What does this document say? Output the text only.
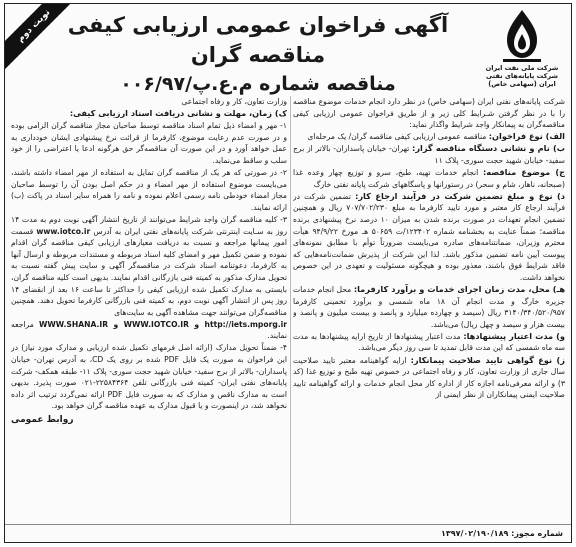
نوبت دوم آگهی فراخوان عمومی ارزیابی کیفی مناقصه گران
مناقصه شماره م.ع.پ/۰۰۶/۹۷
شرکت ملی نفت ایران
شرکت پایانه‌های نفتی ایران (سهامی خاص)

شرکت پایانه‌های نفتی ایران (سهامی خاص) در نظر دارد انجام خدمات موضوع مناقصه را با در نظر گرفتن شـرایط کلی زیر و از طریق فراخوان عمومی ارزیابی کیفی مناقصه‌گران به پیمانکار واجد شرایط واگذار نماید:

الف) نوع فراخوان: مناقصه عمومی ارزیابی کیفی مناقصه گران/ یک مرحله‌ای

ب) نام و نشانی دستگاه مناقصه گزار: تهران- خیابان پاسداران- بالاتر از برج سفید- خیابان شهید حجت سوری- پلاک ۱۱

ج) موضوع مناقصه: انجام خدمات تهیه، طبخ، سرو و توزیع چهار وعده غذا (صبحانه، ناهار، شام و سحر) در رستورانها و پاسگاههای شرکت پایانه نفتی خارگ

د) نوع و مبلغ تضمین شرکت در فرآیند ارجاع کار: تضمین شرکت در فرآیند ارجاع کار معتبر و مورد تایید کارفرما به مبلغ ۷۰۷/۷۰۲/۲۳۰ ریال و همچنین تضمین انجام تعهدات در صورت برنده شدن به میزان ۱۰ درصد نرخ پیشنهادی برنده مناقصه؛ ضمناً عنایت به بخشنامه شماره ۱۲۳۴۰۲/ت ۵۰۶۵۹ هـ مورخ ۹۴/۹/۲۲ هیأت محترم وزیران، ضمانتنامه‌های صادره می‌بایست ضرورتاً توأم با مطابق نمونه‌های پیوست آیین نامه تضمین مذکور باشد. لذا این شرکت از پذیرش ضمانت‌نامه‌هایی که فاقد شرایط فوق باشند، معذور بوده و هیچگونه مسئولیت و تعهدی در این خصوص نخواهد داشت.

هـ) محل، مدت زمان اجرای خدمات و برآورد کارفرما: محل انجام خدمات جزیره خارگ و مدت انجام آن ۱۸ ماه شمسی و برآورد تخمینی کارفرما ۳۱۴۰/۳۴۰/۵۲۰/۹۵۷ ریال (سیصد و چهارده میلیارد و پانصد و بیست میلیون و پانصد و بیست هزار و سیصد و چهل ریال) می‌باشد.

و) مدت اعتبار پیشنهادها: مدت اعتبار پیشنهادها از تاریخ ارایه پیشنهادها به مدت سه ماه شمسی که این مدت قابل تمدید تا سی روز دیگر می‌باشد.

ز) نوع گواهی تایید صلاحیت پیمانکار: ارایه گواهینامه معتبر تایید صلاحیت سال جاری از وزارت تعاون، کار و رفاه اجتماعی در خصوص تهیه طبخ و توزیع غذا (کد ۳) و ارائه معرفی‌نامه اجازه کار از اداره کار محل انجام خدمات و ارائه گواهینامه تایید صلاحیت ایمنی پیمانکاران از نظر ایمنی از

وزارت تعاون، کار و رفاه اجتماعی

ک) زمان، مهلت و نشانی دریافت اسناد ارزیابی کیفی:

۱- مهر و امضاء ذیل تمام اسناد مناقصه توسط صاحبان مجاز مناقصه گران الزامی بوده و در صورت عدم رعایت موضوع، کارفرما از قرائت نرخ پیشنهادی ایشان خودداری به عمل خواهد آورد و در این صورت آن مناقصه‌گر حق هرگونه ادعا یا اعتراضی را از خود سلب و ساقط می‌نماید.

۲- در صورتی که هر یک از مناقصه گران تمایل به استفاده از مهر امضاء داشته باشند، می‌بایست موضوع استفاده از مهر امضاء و در حکم اصل بودن آن را توسط صاحبان مجاز امضاء خودطی نامه رسمی اعلام نموده و نامه را همراه سایر اسناد در پاکت (ب) ارائه نمایند.

۳- کلیه مناقصه گران واجد شرایط می‌توانند از تاریخ انتشار آگهی نوبت دوم به مدت ۱۴ روز به سـایت اینترنتی شرکت پایانه‌های نفتی ایران به آدرس www.iotco.ir قسمت امور پیمانها مراجعه و نسبت به دریافت معیارهای ارزیابی کیفی مناقصه گران اقدام نموده و ضمن تکمیل مهر و امضای کلیه اسناد مربوطه و مستندات مربوطه و ارسال آنها به کارفرما، دعوتنامه اسناد شرکت در مناقصه‌گر آگهی و سایت پیش گفته نسبت به تحویل مدارک مذکور به کمیته فنی بازرگانی اقدام نمایند. بدیهی است کلیه مناقصه گران، بایستی به مدارک تکمیل شده ارزیابی کیفی را حداکثر تا ساعت ۱۶ بعد از انقضای ۱۴ روز پس از انتشار آگهی نوبت دوم، به کمیته فنی بازرگانی کارفرما تحویل دهند. همچنین مناقصه‌گران می‌توانند جهت مشاهده آگهی به سایت‌های

WWW.SHANA.IR و WWW.IOTCO.IR و http://iets.mporg.ir مراجعه نمایند.

۴- ضمناً تحویل مدارک (ارائه اصل فرمهای تکمیل شده ارزیابی و مدارک مورد نیاز) در این فراخوان به صورت یک فایل PDF شده بر روی یک CD، به آدرس تهران- خیابان پاسداران- بالاتر از برج سفید- خیابان شهید حجت سوری- پلاک ۱۱- طبقه همکف- شرکت پایانه‌های نفتی ایران- کمیته فنی بازرگانی تلفن ۲۲۵۸۴۳۶۴-۰۲۱ صورت پذیرد. بدیهی است به مدارک ناقص و مدارک که به صورت فایل PDF ارائه نمی‌گردد ترتیب اثر داده نخواهد شد، در اینصورت و یا قبول مدارک به عهده مناقصه گران خواهد بود.

روابط عمومی
شماره مجوز: ۱۳۹۷/۰۲/۱۹۰/۱۸۹
